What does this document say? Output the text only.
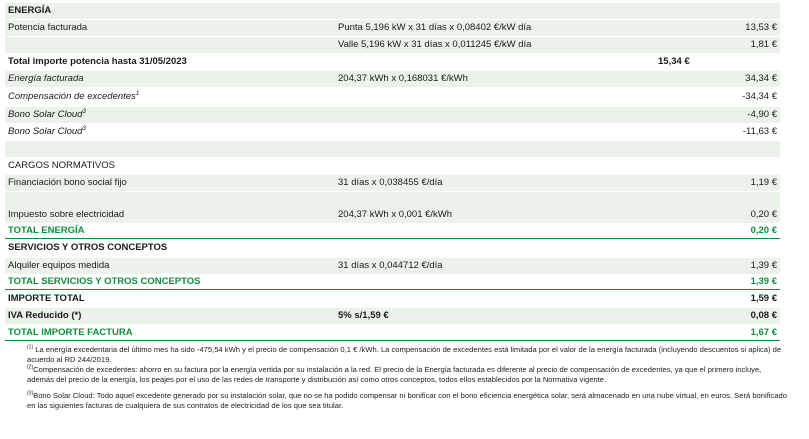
ENERGÍA
Potencia facturada	Punta 5,196 kW x 31 días x 0,08402 €/kW día	13,53 €
Valle 5,196 kW x 31 días x 0,011245 €/kW día	1,81 €
Total importe potencia hasta 31/05/2023	15,34 €
Energía facturada	204,37 kWh x 0,168031 €/kWh	34,34 €
Compensación de excedentes$^1$	-34,34 €
Bono Solar Cloud$^3$	-4,90 €
Bono Solar Cloud$^3$	-11,63 €
CARGOS NORMATIVOS
Financiación bono social fijo	31 días x 0,038455 €/día	1,19 €
Impuesto sobre electricidad	204,37 kWh x 0,001 €/kWh	0,20 €
TOTAL ENERGÍA	0,20 €
SERVICIOS Y OTROS CONCEPTOS
Alquiler equipos medida	31 días x 0,044712 €/día	1,39 €
TOTAL SERVICIOS Y OTROS CONCEPTOS	1,39 €
IMPORTE TOTAL	1,59 €
IVA Reducido (*)	5% s/1,59 €	0,08 €
TOTAL IMPORTE FACTURA	1,67 €

$^{(1)}$ La energía excedentaria del último mes ha sido -475,54 kWh y el precio de compensación 0,1 € /kWh. La compensación de excedentes está limitada por el valor de la energía facturada (incluyendo descuentos si aplica) de acuerdo al RD 244/2019.

$^{(2)}$Compensación de excedentes: ahorro en su factura por la energía vertida por su instalación a la red. El precio de la Energía facturada es diferente al precio de compensación de excedentes, ya que el primero incluye, además del precio de la energía, los peajes por el uso de las redes de transporte y distribución así como otros conceptos, todos ellos establecidos por la Normativa vigente.

$^{(3)}$Bono Solar Cloud: Todo aquel excedente generado por su instalación solar, que no se ha podido compensar ni bonificar con el bono eficiencia energética solar, será almacenado en una nube virtual, en euros. Será bonificado en las siguientes facturas de cualquiera de sus contratos de electricidad de los que sea titular.
